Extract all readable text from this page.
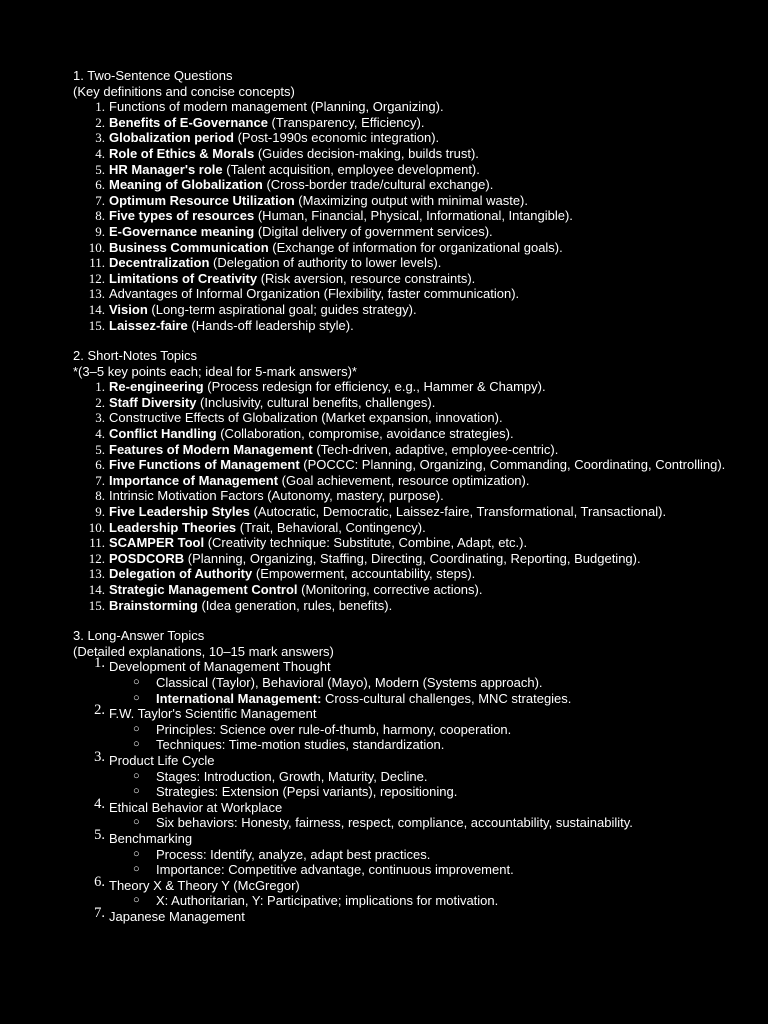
1. Two-Sentence Questions

(Key definitions and concise concepts)

1. Functions of modern management (Planning, Organizing).
2. Benefits of E-Governance (Transparency, Efficiency).
3. Globalization period (Post-1990s economic integration).
4. Role of Ethics & Morals (Guides decision-making, builds trust).
5. HR Manager's role (Talent acquisition, employee development).
6. Meaning of Globalization (Cross-border trade/cultural exchange).
7. Optimum Resource Utilization (Maximizing output with minimal waste).
8. Five types of resources (Human, Financial, Physical, Informational, Intangible).
9. E-Governance meaning (Digital delivery of government services).
10. Business Communication (Exchange of information for organizational goals).
11. Decentralization (Delegation of authority to lower levels).
12. Limitations of Creativity (Risk aversion, resource constraints).
13. Advantages of Informal Organization (Flexibility, faster communication).
14. Vision (Long-term aspirational goal; guides strategy).
15. Laissez-faire (Hands-off leadership style).

2. Short-Notes Topics

*(3–5 key points each; ideal for 5-mark answers)*

1. Re-engineering (Process redesign for efficiency, e.g., Hammer & Champy).
2. Staff Diversity (Inclusivity, cultural benefits, challenges).
3. Constructive Effects of Globalization (Market expansion, innovation).
4. Conflict Handling (Collaboration, compromise, avoidance strategies).
5. Features of Modern Management (Tech-driven, adaptive, employee-centric).
6. Five Functions of Management (POCCC: Planning, Organizing, Commanding, Coordinating, Controlling).
7. Importance of Management (Goal achievement, resource optimization).
8. Intrinsic Motivation Factors (Autonomy, mastery, purpose).
9. Five Leadership Styles (Autocratic, Democratic, Laissez-faire, Transformational, Transactional).
10. Leadership Theories (Trait, Behavioral, Contingency).
11. SCAMPER Tool (Creativity technique: Substitute, Combine, Adapt, etc.).
12. POSDCORB (Planning, Organizing, Staffing, Directing, Coordinating, Reporting, Budgeting).
13. Delegation of Authority (Empowerment, accountability, steps).
14. Strategic Management Control (Monitoring, corrective actions).
15. Brainstorming (Idea generation, rules, benefits).

3. Long-Answer Topics

(Detailed explanations, 10–15 mark answers)

1. Development of Management Thought
○ Classical (Taylor), Behavioral (Mayo), Modern (Systems approach).
○ International Management: Cross-cultural challenges, MNC strategies.
2. F.W. Taylor's Scientific Management
○ Principles: Science over rule-of-thumb, harmony, cooperation.
○ Techniques: Time-motion studies, standardization.
3. Product Life Cycle
○ Stages: Introduction, Growth, Maturity, Decline.
○ Strategies: Extension (Pepsi variants), repositioning.
4. Ethical Behavior at Workplace
○ Six behaviors: Honesty, fairness, respect, compliance, accountability, sustainability.
5. Benchmarking
○ Process: Identify, analyze, adapt best practices.
○ Importance: Competitive advantage, continuous improvement.
6. Theory X & Theory Y (McGregor)
○ X: Authoritarian, Y: Participative; implications for motivation.
7. Japanese Management
